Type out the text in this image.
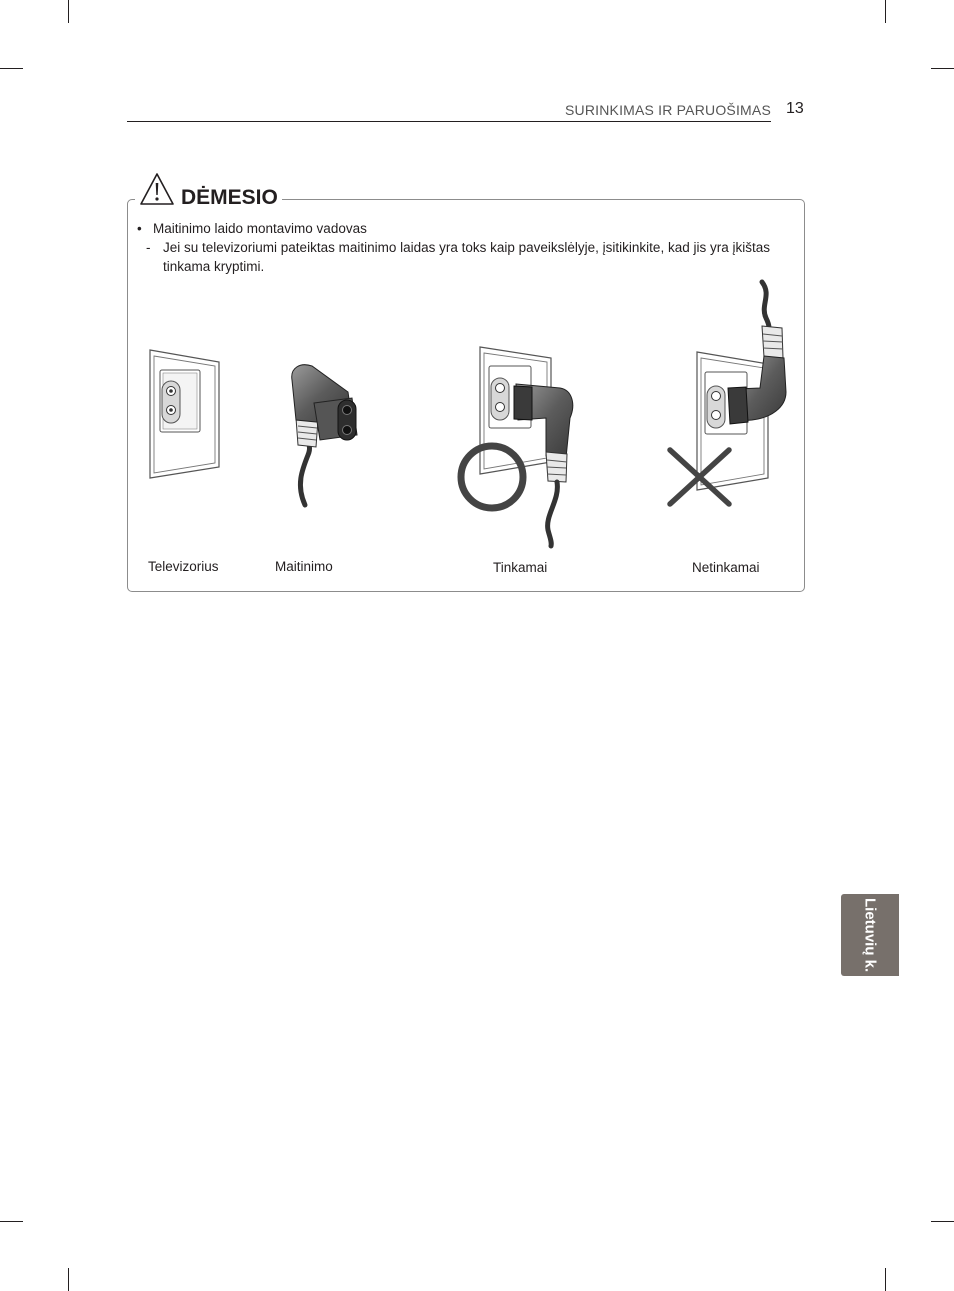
SURINKIMAS IR PARUOŠIMAS 13
DĖMESIO
• Maitinimo laido montavimo vadovas
- Jei su televizoriumi pateiktas maitinimo laidas yra toks kaip paveikslėlyje, įsitikinkite, kad jis yra įkištas tinkama kryptimi.
Televizorius	Maitinimo	Tinkamai	Netinkamai
Lietuvių k.
